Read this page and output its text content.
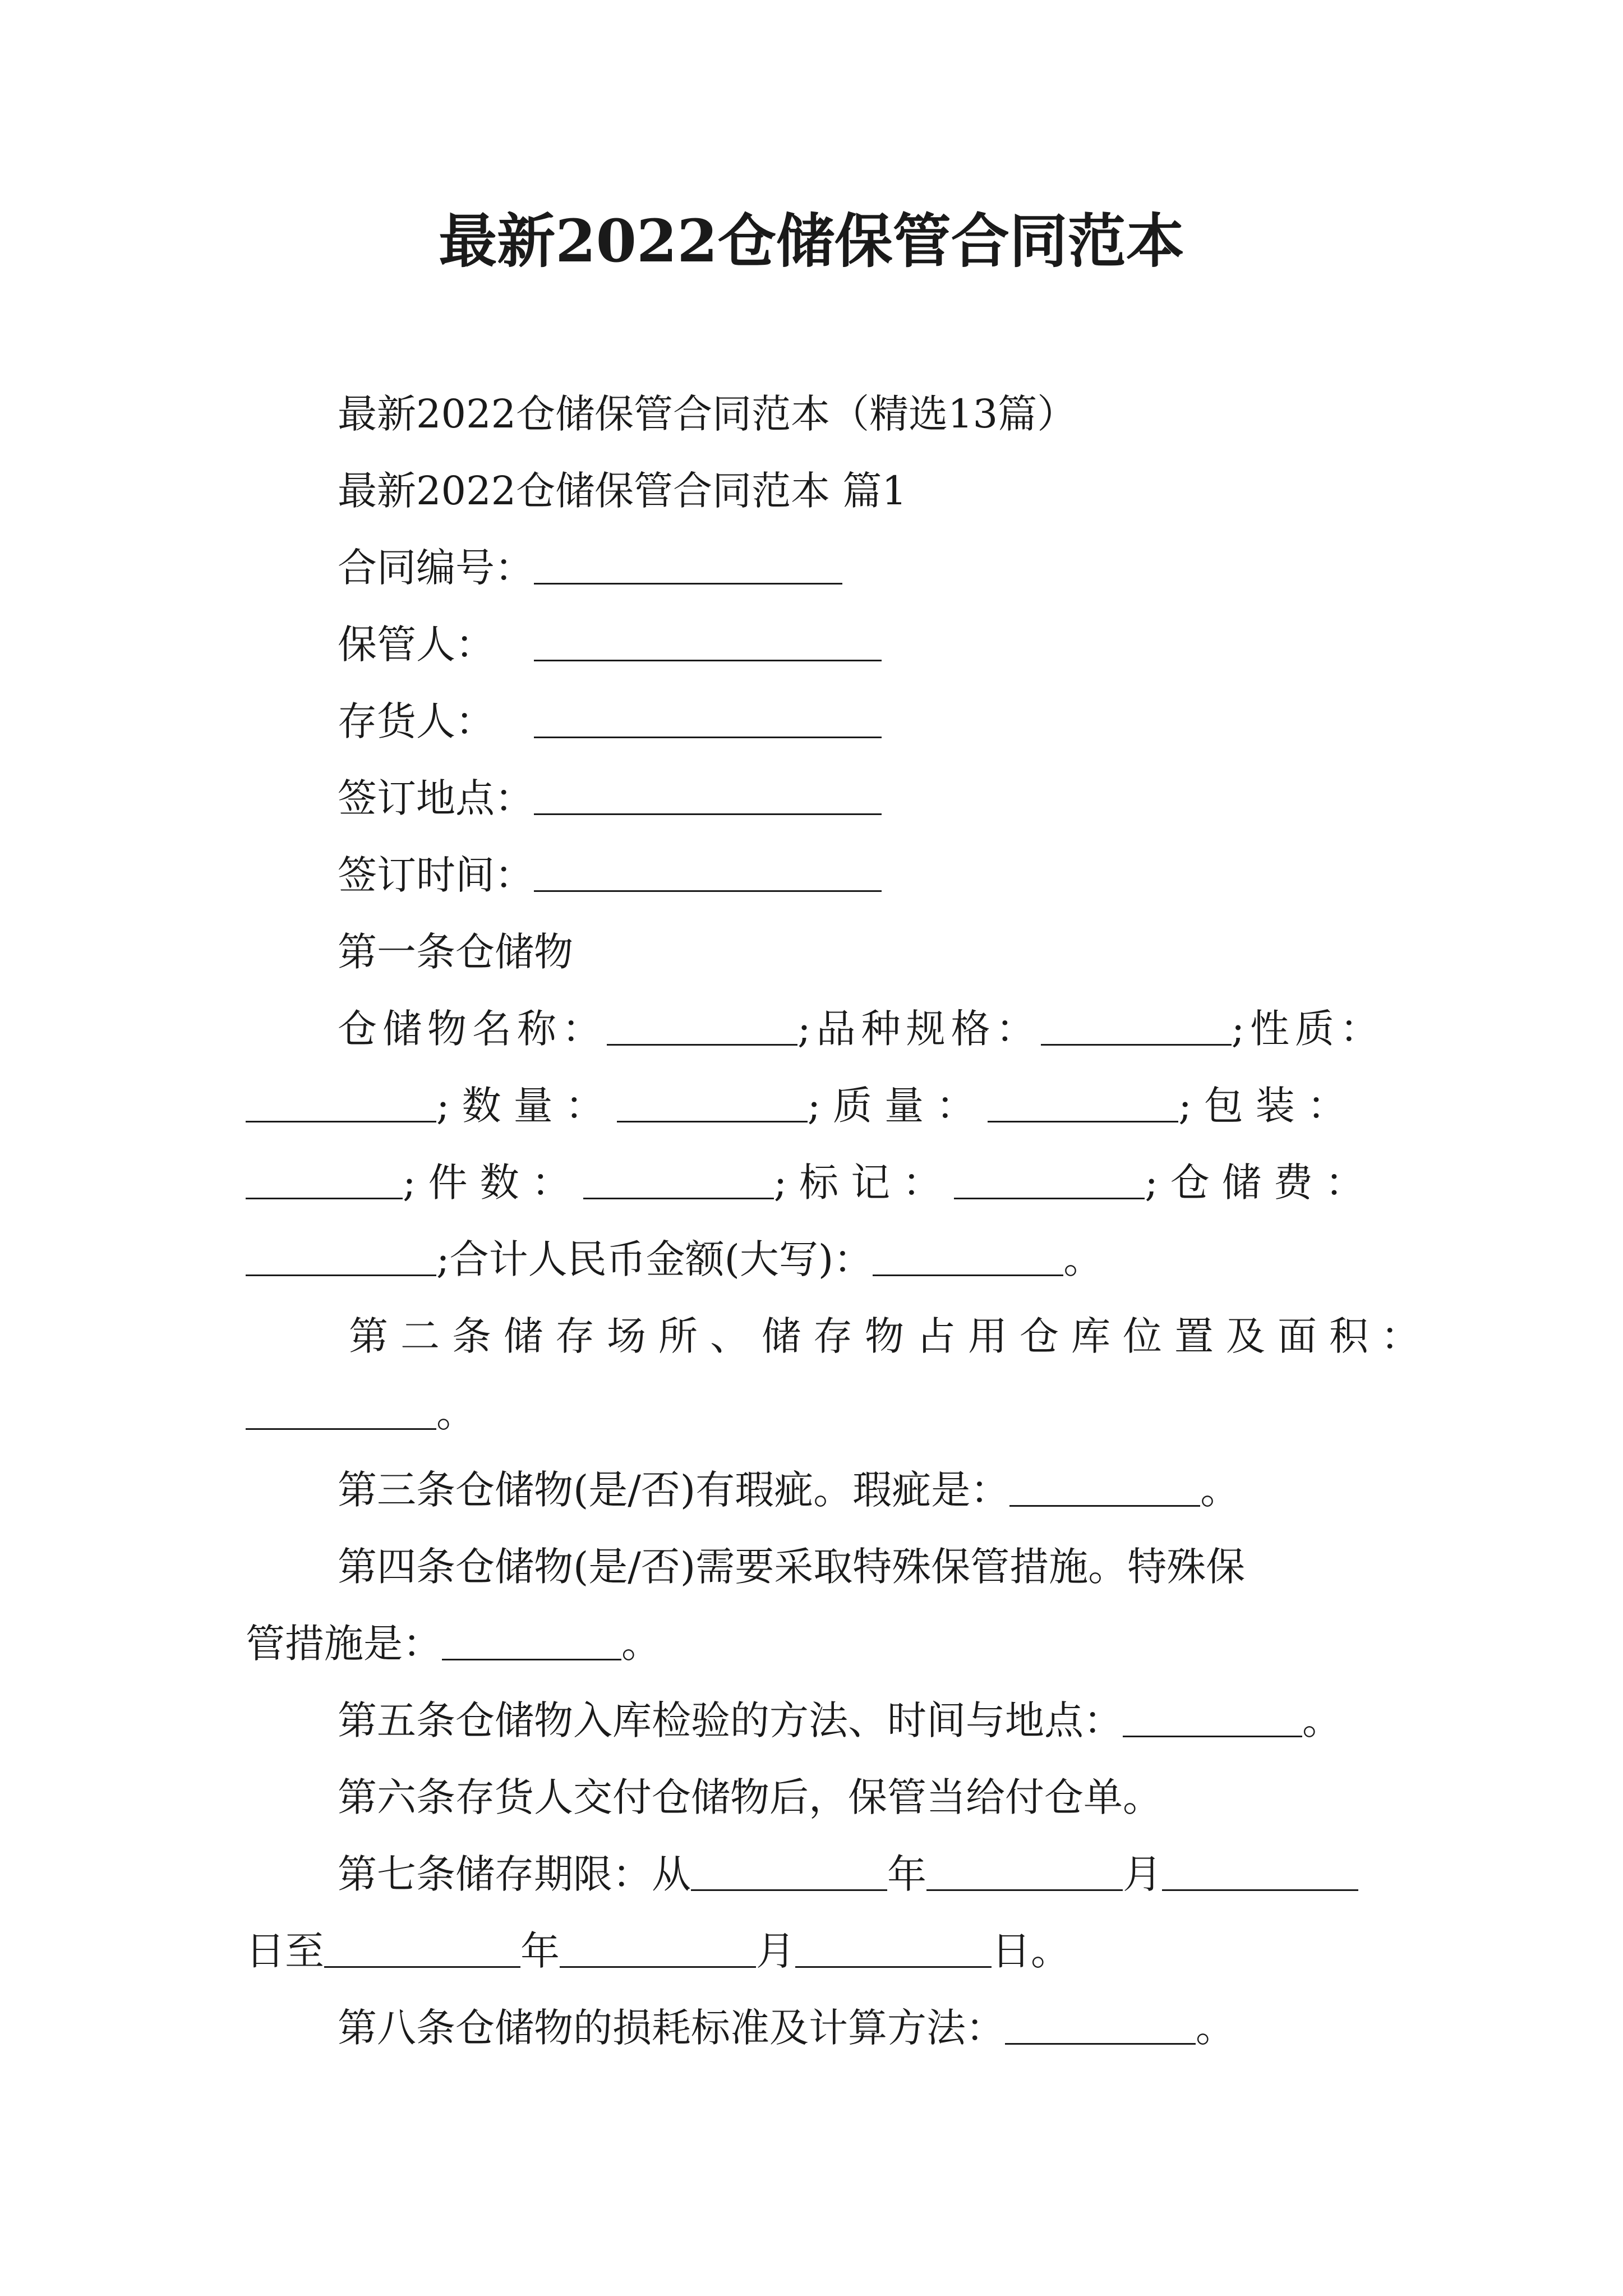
最新2022仓储保管合同范本
最新2022仓储保管合同范本（精选13篇）
最新2022仓储保管合同范本 篇1
合同编号：
保管人：
存货人：
签订地点：
签订时间：
第一条仓储物
仓储物名称：	;品种规格：	;性质：
;数量：	;质量：	;包装：
;件数：	;标记：	;仓储费：
;合计人民币金额(大写)：	。
第二条储存场所、储存物占用仓库位置及面积：
。
第三条仓储物(是/否)有瑕疵。瑕疵是：	。
第四条仓储物(是/否)需要采取特殊保管措施。特殊保
管措施是：	。
第五条仓储物入库检验的方法、时间与地点：	。
第六条存货人交付仓储物后，保管当给付仓单。
第七条储存期限：从	年	月
日至	年	月	日。
第八条仓储物的损耗标准及计算方法：	。
